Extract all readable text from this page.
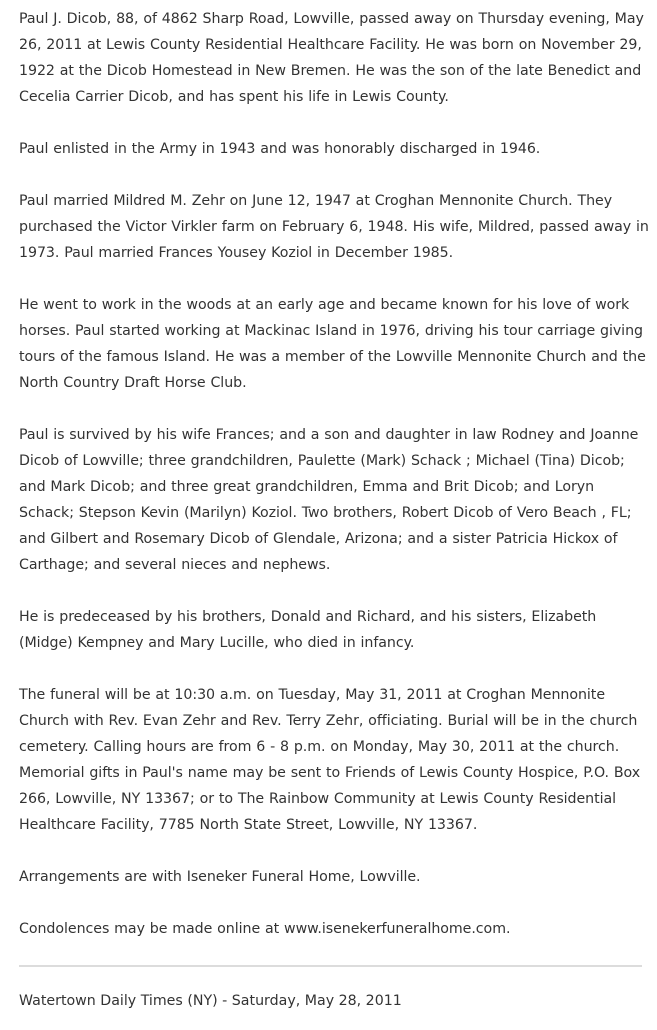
Paul J. Dicob, 88, of 4862 Sharp Road, Lowville, passed away on Thursday evening, May 26, 2011 at Lewis County Residential Healthcare Facility. He was born on November 29, 1922 at the Dicob Homestead in New Bremen. He was the son of the late Benedict and Cecelia Carrier Dicob, and has spent his life in Lewis County.

Paul enlisted in the Army in 1943 and was honorably discharged in 1946.

Paul married Mildred M. Zehr on June 12, 1947 at Croghan Mennonite Church. They purchased the Victor Virkler farm on February 6, 1948. His wife, Mildred, passed away in 1973. Paul married Frances Yousey Koziol in December 1985.

He went to work in the woods at an early age and became known for his love of work horses. Paul started working at Mackinac Island in 1976, driving his tour carriage giving tours of the famous Island. He was a member of the Lowville Mennonite Church and the North Country Draft Horse Club.

Paul is survived by his wife Frances; and a son and daughter in law Rodney and Joanne Dicob of Lowville; three grandchildren, Paulette (Mark) Schack ; Michael (Tina) Dicob; and Mark Dicob; and three great grandchildren, Emma and Brit Dicob; and Loryn Schack; Stepson Kevin (Marilyn) Koziol. Two brothers, Robert Dicob of Vero Beach , FL; and Gilbert and Rosemary Dicob of Glendale, Arizona; and a sister Patricia Hickox of Carthage; and several nieces and nephews.

He is predeceased by his brothers, Donald and Richard, and his sisters, Elizabeth (Midge) Kempney and Mary Lucille, who died in infancy.

The funeral will be at 10:30 a.m. on Tuesday, May 31, 2011 at Croghan Mennonite Church with Rev. Evan Zehr and Rev. Terry Zehr, officiating. Burial will be in the church cemetery. Calling hours are from 6 - 8 p.m. on Monday, May 30, 2011 at the church. Memorial gifts in Paul's name may be sent to Friends of Lewis County Hospice, P.O. Box 266, Lowville, NY 13367; or to The Rainbow Community at Lewis County Residential Healthcare Facility, 7785 North State Street, Lowville, NY 13367.

Arrangements are with Iseneker Funeral Home, Lowville.

Condolences may be made online at www.isenekerfuneralhome.com.

Watertown Daily Times (NY) - Saturday, May 28, 2011
